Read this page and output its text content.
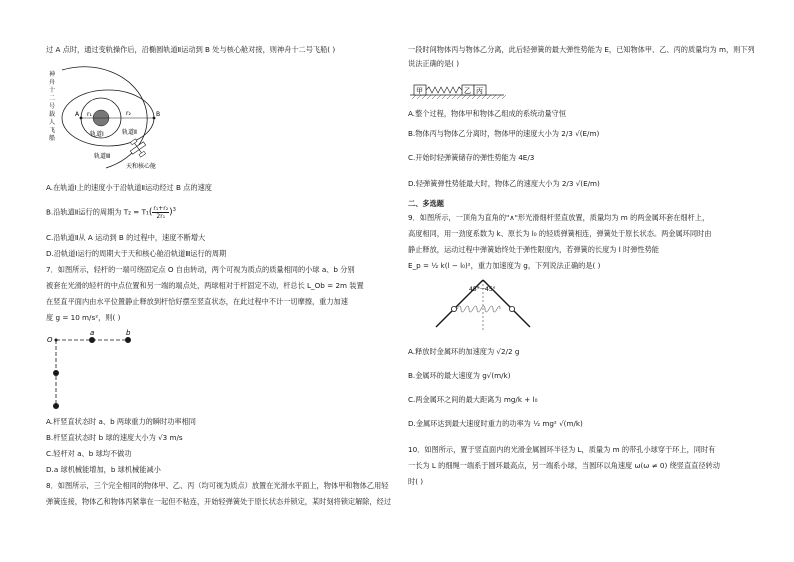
过 A 点时，通过变轨操作后，沿椭圆轨道Ⅱ运动到 B 处与核心舱对接，则神舟十二号飞船( )
神
舟
十
二
号
载
人
飞
船
r₁	r₂
A	B
轨道Ⅰ	轨道Ⅱ
轨道Ⅲ
天和核心舱
A.在轨道Ⅰ上的速度小于沿轨道Ⅱ运动经过 B 点的速度
B.沿轨道Ⅱ运行的周期为 $T_2 = T_1( \frac{\text{r₁+r₂}}{\text{2r₁}} )^3$
C.沿轨道Ⅱ从 A 运动到 B 的过程中，速度不断增大
D.沿轨道Ⅰ运行的周期大于天和核心舱沿轨道Ⅲ运行的周期
7．如图所示，轻杆的一端可绕固定点 O 自由转动，两个可视为质点的质量相同的小球 a、b 分别
被套在光滑的轻杆的中点位置和另一端的端点处，两球相对于杆固定不动，杆总长 L_Ob = 2m 装置
在竖直平面内由水平位置静止释放到杆恰好摆至竖直状态，在此过程中不计一切摩擦，重力加速
度 g = 10 m/s²，则( )
O
a	b
A.杆竖直状态时 a、b 两球重力的瞬时功率相同
B.杆竖直状态时 b 球的速度大小为 √3 m/s
C.轻杆对 a、b 球均不做功
D.a 球机械能增加，b 球机械能减小
8．如图所示，三个完全相同的物体甲、乙、丙（均可视为质点）放置在光滑水平面上，物体甲和物体乙用轻
弹簧连接，物体乙和物体丙紧靠在一起但不粘连，开始轻弹簧处于原长状态并锁定，某时刻将锁定解除，经过
一段时间物体丙与物体乙分离，此后轻弹簧的最大弹性势能为 E，已知物体甲、乙、丙的质量均为 m，则下列
说法正确的是( )
甲	乙 丙
A.整个过程，物体甲和物体乙组成的系统动量守恒
B.物体丙与物体乙分离时，物体甲的速度大小为 2/3 √(E/m)
C.开始时轻弹簧储存的弹性势能为 4E/3
D.轻弹簧弹性势能最大时，物体乙的速度大小为 2/3 √(E/m)
二、多选题
9．如图所示，一顶角为直角的"∧"形光滑细杆竖直放置，质量均为 m 的两金属环套在细杆上，
高度相同，用一劲度系数为 k、原长为 l₀ 的轻质弹簧相连，弹簧处于原长状态。两金属环同时由
静止释放，运动过程中弹簧始终处于弹性限度内，若弹簧的长度为 l 时弹性势能
E_p = ½ k(l − l₀)²，重力加速度为 g，下列说法正确的是( )
45° 45°
A.释放时金属环的加速度为 √2/2 g
B.金属环的最大速度为 g√(m/k)
C.两金属环之间的最大距离为 mg/k + l₀
D.金属环达到最大速度时重力的功率为 ½ mg² √(m/k)
10．如图所示，置于竖直面内的光滑金属圆环半径为 L，质量为 m 的带孔小球穿于环上，同时有
一长为 L 的细绳一端系于圆环最高点，另一端系小球，当圆环以角速度 ω(ω ≠ 0) 绕竖直直径转动
时( )
